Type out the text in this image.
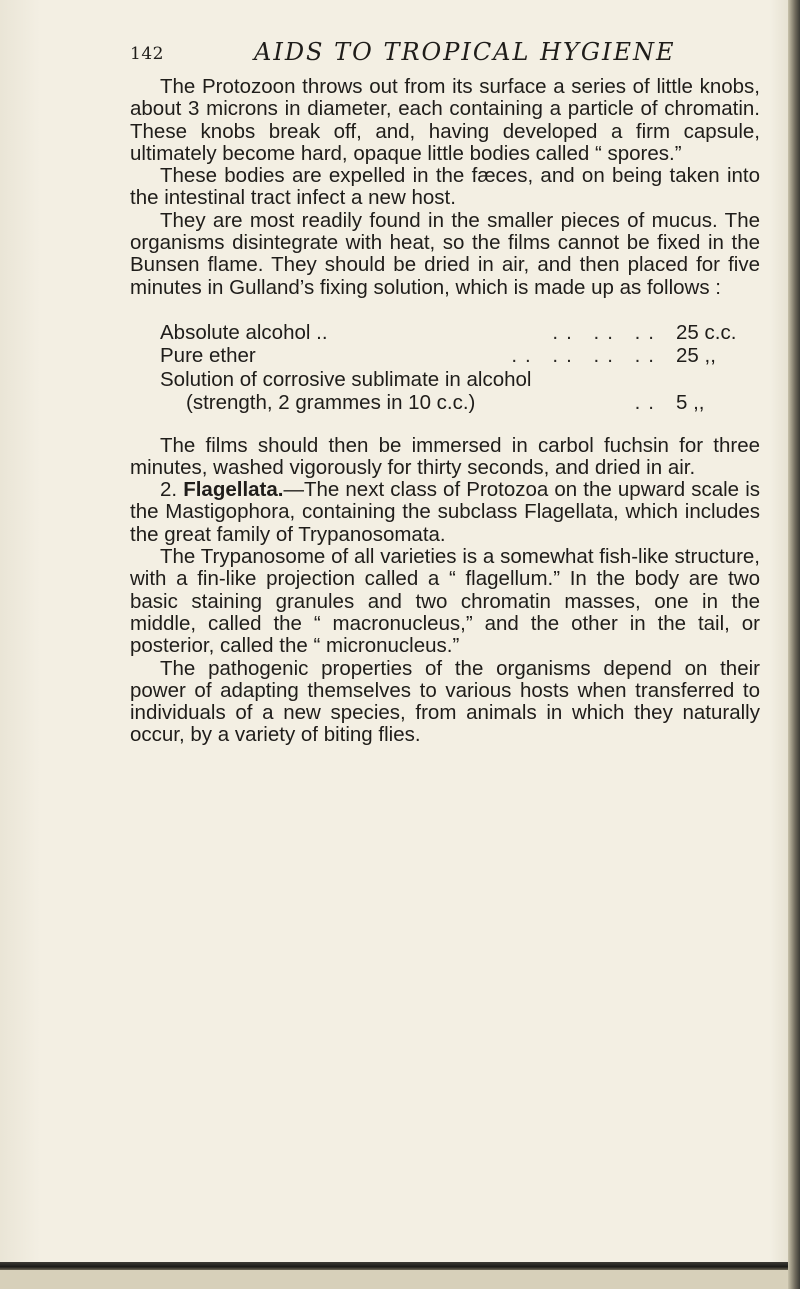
142	AIDS TO TROPICAL HYGIENE

The Protozoon throws out from its surface a series of little knobs, about 3 microns in diameter, each containing a particle of chromatin. These knobs break off, and, having developed a firm capsule, ultimately become hard, opaque little bodies called “ spores.”

These bodies are expelled in the fæces, and on being taken into the intestinal tract infect a new host.

They are most readily found in the smaller pieces of mucus. The organisms disintegrate with heat, so the films cannot be fixed in the Bunsen flame. They should be dried in air, and then placed for five minutes in Gulland’s fixing solution, which is made up as follows :

Absolute alcohol ..	.. .. .. 25 c.c.
Pure ether	.. .. .. .. 25 ,,
Solution of corrosive sublimate in alcohol
(strength, 2 grammes in 10 c.c.)	.. 5 ,,

The films should then be immersed in carbol fuchsin for three minutes, washed vigorously for thirty seconds, and dried in air.

2. Flagellata.—The next class of Protozoa on the upward scale is the Mastigophora, containing the subclass Flagellata, which includes the great family of Trypanosomata.

The Trypanosome of all varieties is a somewhat fish-like structure, with a fin-like projection called a “ flagellum.” In the body are two basic staining granules and two chromatin masses, one in the middle, called the “ macronucleus,” and the other in the tail, or posterior, called the “ micronucleus.”

The pathogenic properties of the organisms depend on their power of adapting themselves to various hosts when transferred to individuals of a new species, from animals in which they naturally occur, by a variety of biting flies.
